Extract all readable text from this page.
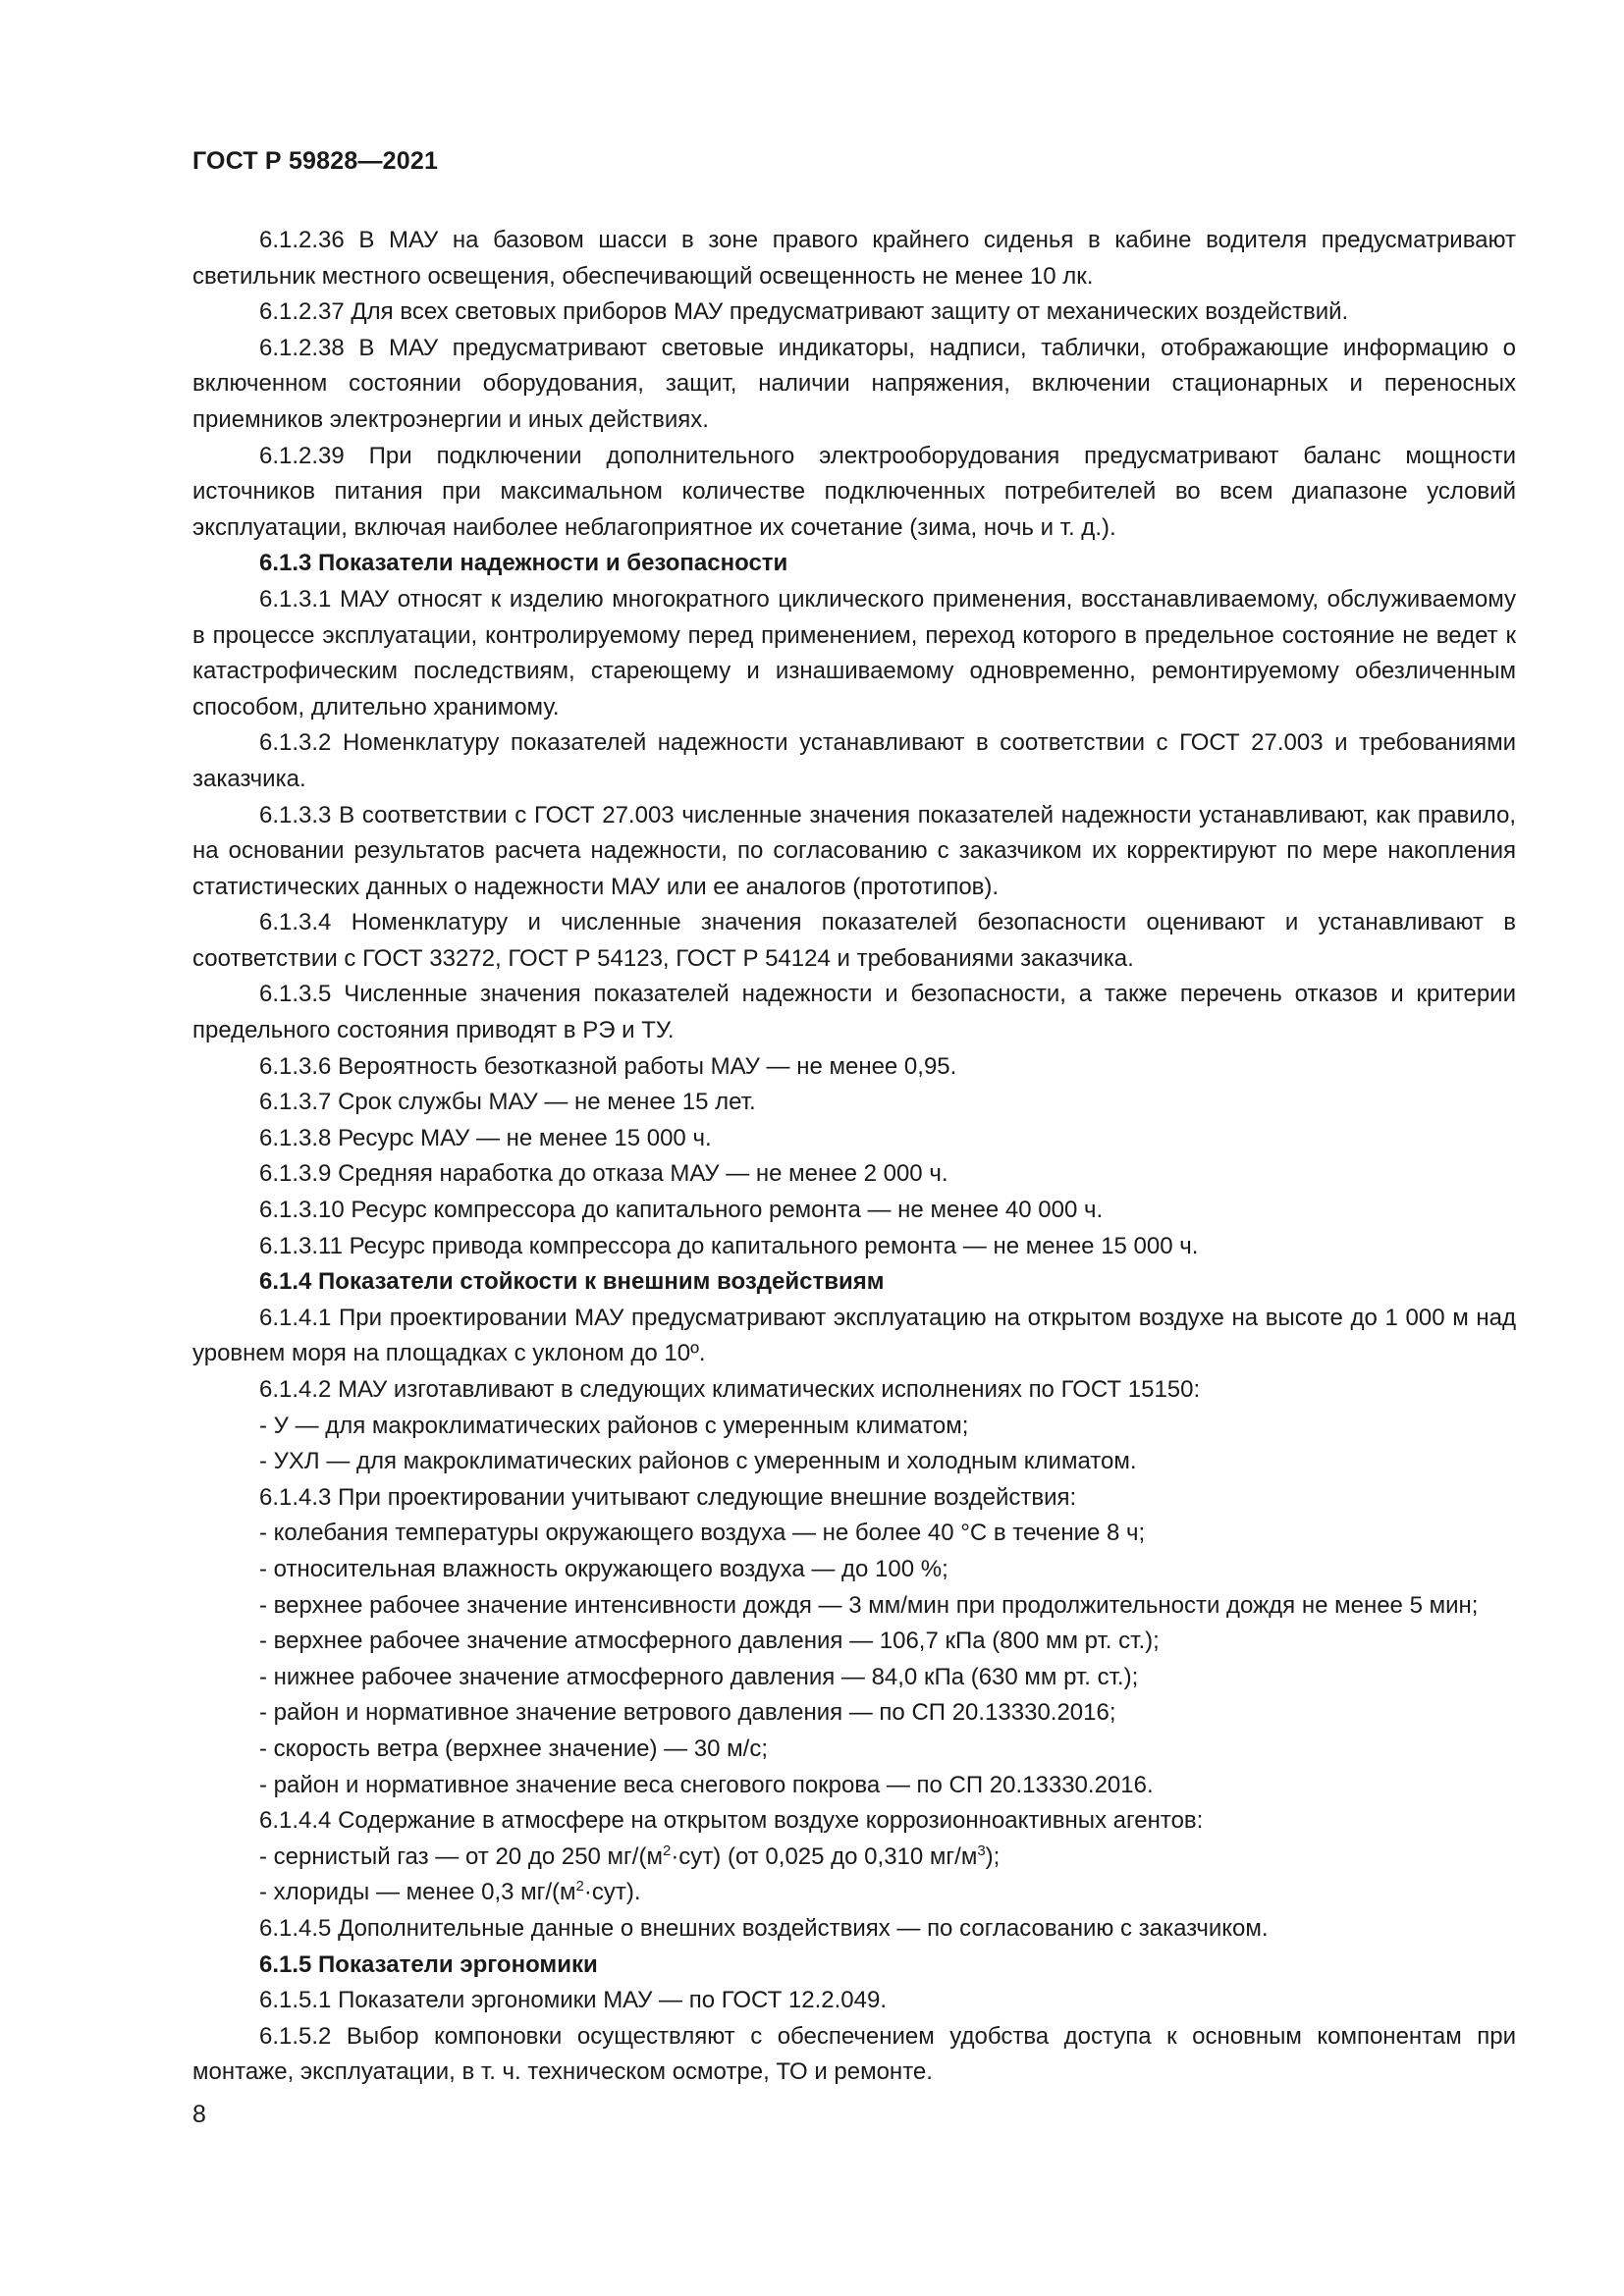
ГОСТ Р 59828—2021

6.1.2.36 В МАУ на базовом шасси в зоне правого крайнего сиденья в кабине водителя предусматривают светильник местного освещения, обеспечивающий освещенность не менее 10 лк.

6.1.2.37 Для всех световых приборов МАУ предусматривают защиту от механических воздействий.

6.1.2.38 В МАУ предусматривают световые индикаторы, надписи, таблички, отображающие информацию о включенном состоянии оборудования, защит, наличии напряжения, включении стационарных и переносных приемников электроэнергии и иных действиях.

6.1.2.39 При подключении дополнительного электрооборудования предусматривают баланс мощности источников питания при максимальном количестве подключенных потребителей во всем диапазоне условий эксплуатации, включая наиболее неблагоприятное их сочетание (зима, ночь и т. д.).

6.1.3 Показатели надежности и безопасности

6.1.3.1 МАУ относят к изделию многократного циклического применения, восстанавливаемому, обслуживаемому в процессе эксплуатации, контролируемому перед применением, переход которого в предельное состояние не ведет к катастрофическим последствиям, стареющему и изнашиваемому одновременно, ремонтируемому обезличенным способом, длительно хранимому.

6.1.3.2 Номенклатуру показателей надежности устанавливают в соответствии с ГОСТ 27.003 и требованиями заказчика.

6.1.3.3 В соответствии с ГОСТ 27.003 численные значения показателей надежности устанавливают, как правило, на основании результатов расчета надежности, по согласованию с заказчиком их корректируют по мере накопления статистических данных о надежности МАУ или ее аналогов (прототипов).

6.1.3.4 Номенклатуру и численные значения показателей безопасности оценивают и устанавливают в соответствии с ГОСТ 33272, ГОСТ Р 54123, ГОСТ Р 54124 и требованиями заказчика.

6.1.3.5 Численные значения показателей надежности и безопасности, а также перечень отказов и критерии предельного состояния приводят в РЭ и ТУ.

6.1.3.6 Вероятность безотказной работы МАУ — не менее 0,95.

6.1.3.7 Срок службы МАУ — не менее 15 лет.

6.1.3.8 Ресурс МАУ — не менее 15 000 ч.

6.1.3.9 Средняя наработка до отказа МАУ — не менее 2 000 ч.

6.1.3.10 Ресурс компрессора до капитального ремонта — не менее 40 000 ч.

6.1.3.11 Ресурс привода компрессора до капитального ремонта — не менее 15 000 ч.

6.1.4 Показатели стойкости к внешним воздействиям

6.1.4.1 При проектировании МАУ предусматривают эксплуатацию на открытом воздухе на высоте до 1 000 м над уровнем моря на площадках с уклоном до 10º.

6.1.4.2 МАУ изготавливают в следующих климатических исполнениях по ГОСТ 15150:

- У — для макроклиматических районов с умеренным климатом;

- УХЛ — для макроклиматических районов с умеренным и холодным климатом.

6.1.4.3 При проектировании учитывают следующие внешние воздействия:

- колебания температуры окружающего воздуха — не более 40 °С в течение 8 ч;

- относительная влажность окружающего воздуха — до 100 %;

- верхнее рабочее значение интенсивности дождя — 3 мм/мин при продолжительности дождя не менее 5 мин;

- верхнее рабочее значение атмосферного давления — 106,7 кПа (800 мм рт. ст.);

- нижнее рабочее значение атмосферного давления — 84,0 кПа (630 мм рт. ст.);

- район и нормативное значение ветрового давления — по СП 20.13330.2016;

- скорость ветра (верхнее значение) — 30 м/с;

- район и нормативное значение веса снегового покрова — по СП 20.13330.2016.

6.1.4.4 Содержание в атмосфере на открытом воздухе коррозионноактивных агентов:

- сернистый газ — от 20 до 250 $мг/(м^2\cdot сут)$ (от 0,025 до 0,310 $мг/м^3$);

- хлориды — менее 0,3 $мг/(м^2\cdot сут)$.

6.1.4.5 Дополнительные данные о внешних воздействиях — по согласованию с заказчиком.

6.1.5 Показатели эргономики

6.1.5.1 Показатели эргономики МАУ — по ГОСТ 12.2.049.

6.1.5.2 Выбор компоновки осуществляют с обеспечением удобства доступа к основным компонентам при монтаже, эксплуатации, в т. ч. техническом осмотре, ТО и ремонте.

8
